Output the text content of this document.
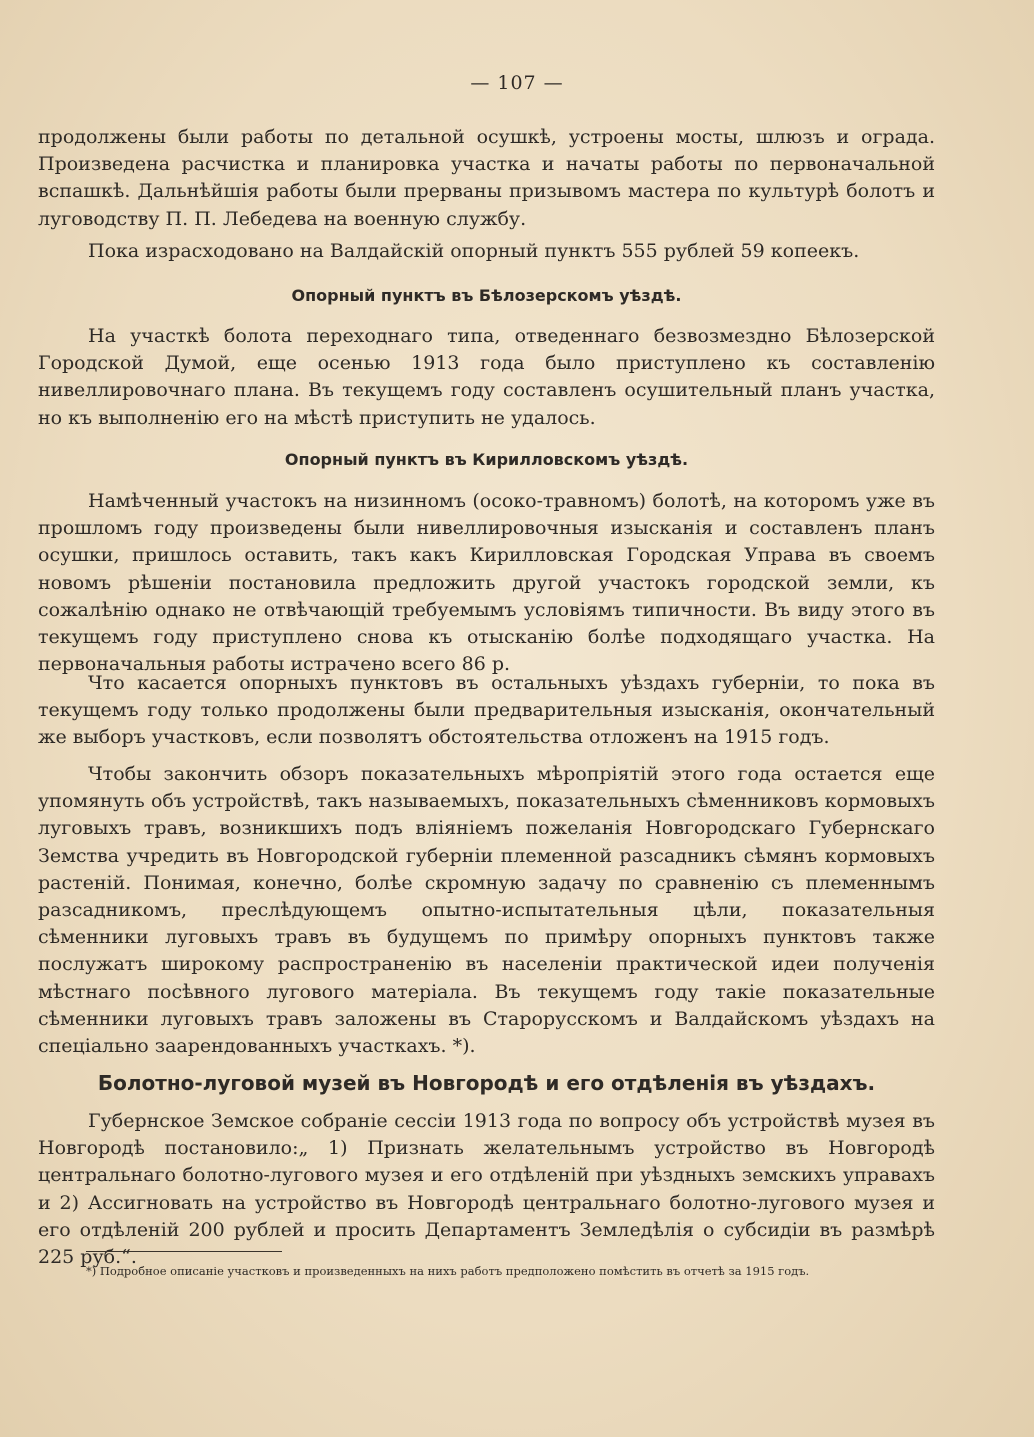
— 107 —

продолжены были работы по детальной осушкѣ, устроены мосты, шлюзъ и ограда. Произведена расчистка и планировка участка и начаты работы по первоначальной вспашкѣ. Дальнѣйшія работы были прерваны призывомъ мастера по культурѣ болотъ и луговодству П. П. Лебедева на военную службу.

Пока израсходовано на Валдайскій опорный пунктъ 555 рублей 59 копеекъ.

Опорный пунктъ въ Бѣлозерскомъ уѣздѣ.

На участкѣ болота переходнаго типа, отведеннаго безвозмездно Бѣлозерской Городской Думой, еще осенью 1913 года было приступлено къ составленію нивеллировочнаго плана. Въ текущемъ году составленъ осушительный планъ участка, но къ выполненію его на мѣстѣ приступить не удалось.

Опорный пунктъ въ Кирилловскомъ уѣздѣ.

Намѣченный участокъ на низинномъ (осоко-травномъ) болотѣ, на которомъ уже въ прошломъ году произведены были нивеллировочныя изысканія и составленъ планъ осушки, пришлось оставить, такъ какъ Кирилловская Городская Управа въ своемъ новомъ рѣшеніи постановила предложить другой участокъ городской земли, къ сожалѣнію однако не отвѣчающій требуемымъ условіямъ типичности. Въ виду этого въ текущемъ году приступлено снова къ отысканію болѣе подходящаго участка. На первоначальныя работы истрачено всего 86 р.

Что касается опорныхъ пунктовъ въ остальныхъ уѣздахъ губерніи, то пока въ текущемъ году только продолжены были предварительныя изысканія, окончательный же выборъ участковъ, если позволятъ обстоятельства отложенъ на 1915 годъ.

Чтобы закончить обзоръ показательныхъ мѣропріятій этого года остается еще упомянуть объ устройствѣ, такъ называемыхъ, показательныхъ сѣменниковъ кормовыхъ луговыхъ травъ, возникшихъ подъ вліяніемъ пожеланія Новгородскаго Губернскаго Земства учредить въ Новгородской губерніи племенной разсадникъ сѣмянъ кормовыхъ растеній. Понимая, конечно, болѣе скромную задачу по сравненію съ племеннымъ разсадникомъ, преслѣдующемъ опытно-испытательныя цѣли, показательныя сѣменники луговыхъ травъ въ будущемъ по примѣру опорныхъ пунктовъ также послужатъ широкому распространенію въ населеніи практической идеи полученія мѣстнаго посѣвного лугового матеріала. Въ текущемъ году такіе показательные сѣменники луговыхъ травъ заложены въ Старорусскомъ и Валдайскомъ уѣздахъ на спеціально заарендованныхъ участкахъ. *).

Болотно-луговой музей въ Новгородѣ и его отдѣленія въ уѣздахъ.

Губернское Земское собраніе сессіи 1913 года по вопросу объ устройствѣ музея въ Новгородѣ постановило:„ 1) Признать желательнымъ устройство въ Новгородѣ центральнаго болотно-лугового музея и его отдѣленій при уѣздныхъ земскихъ управахъ и 2) Ассигновать на устройство въ Новгородѣ центральнаго болотно-лугового музея и его отдѣленій 200 рублей и просить Департаментъ Земледѣлія о субсидіи въ размѣрѣ 225 руб.“.

*) Подробное описаніе участковъ и произведенныхъ на нихъ работъ предположено помѣстить въ отчетѣ за 1915 годъ.
